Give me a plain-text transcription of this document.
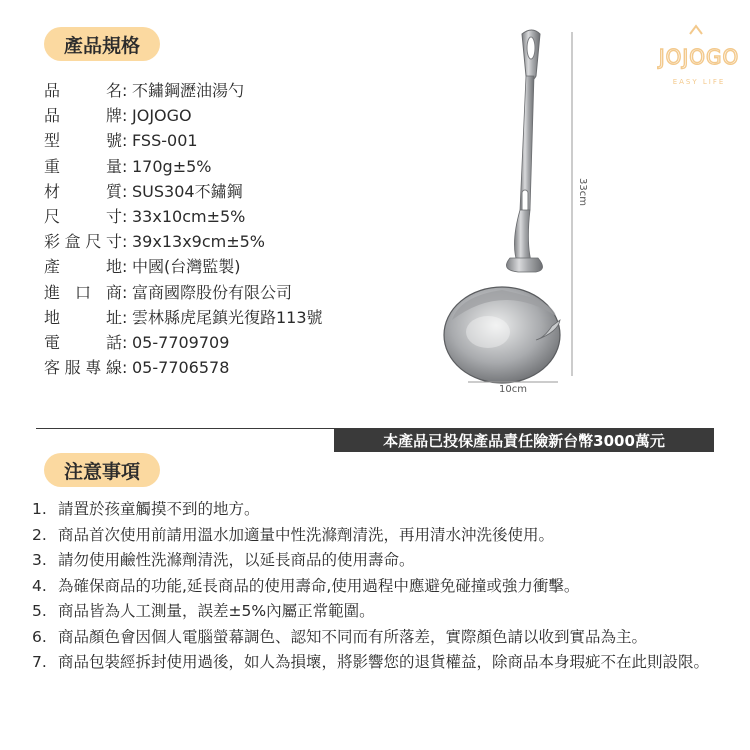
產品規格
品	名 : 不鏽鋼瀝油湯勺
品	牌 : JOJOGO
型	號 : FSS-001
重	量 : 170g±5%
材	質 : SUS304不鏽鋼
尺	寸 : 33x10cm±5%
彩 盒 尺 寸 : 39x13x9cm±5%
產	地 : 中國(台灣監製)
進 口 商 : 富商國際股份有限公司
地	址 : 雲林縣虎尾鎮光復路113號
電	話 : 05-7709709
客 服 專 線 : 05-7706578
JOJOGO
EASY LIFE
33cm
10cm
本產品已投保產品責任險新台幣3000萬元
注意事項
1. 請置於孩童觸摸不到的地方。
2. 商品首次使用前請用溫水加適量中性洗滌劑清洗，再用清水沖洗後使用。
3. 請勿使用鹼性洗滌劑清洗，以延長商品的使用壽命。
4. 為確保商品的功能,延長商品的使用壽命,使用過程中應避免碰撞或強力衝擊。
5. 商品皆為人工測量，誤差±5%內屬正常範圍。
6. 商品顏色會因個人電腦螢幕調色、認知不同而有所落差，實際顏色請以收到實品為主。
7. 商品包裝經拆封使用過後，如人為損壞，將影響您的退貨權益，除商品本身瑕疵不在此則設限。
